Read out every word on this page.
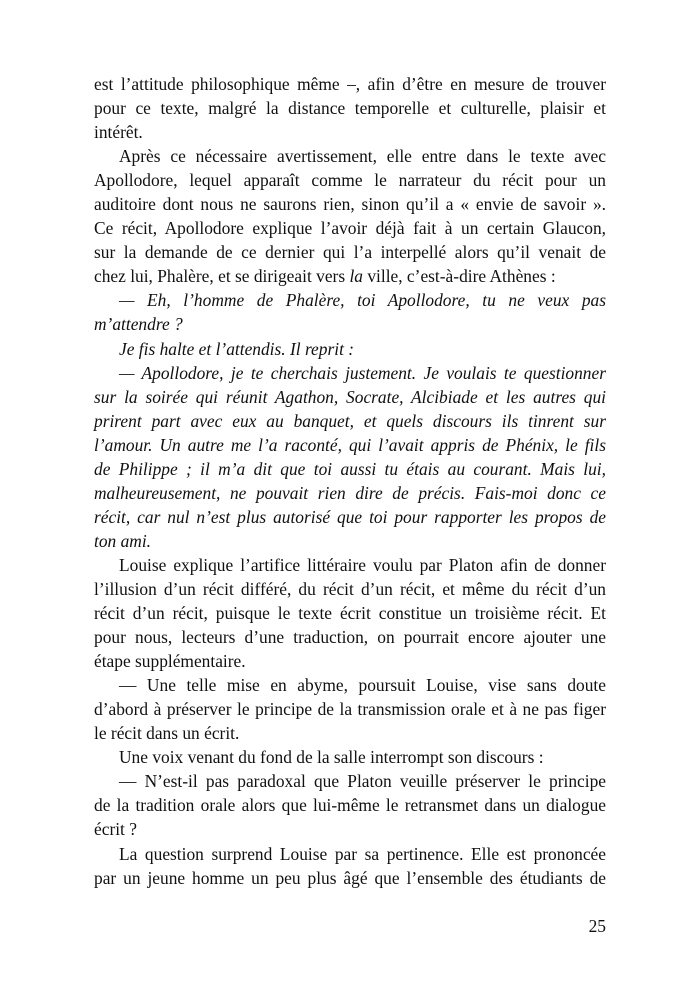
est l’attitude philosophique même –, afin d’être en mesure de trouver
pour ce texte, malgré la distance temporelle et culturelle, plaisir et
intérêt.
Après ce nécessaire avertissement, elle entre dans le texte avec
Apollodore, lequel apparaît comme le narrateur du récit pour un
auditoire dont nous ne saurons rien, sinon qu’il a « envie de savoir ».
Ce récit, Apollodore explique l’avoir déjà fait à un certain Glaucon,
sur la demande de ce dernier qui l’a interpellé alors qu’il venait de
chez lui, Phalère, et se dirigeait vers la ville, c’est-à-dire Athènes :
— Eh, l’homme de Phalère, toi Apollodore, tu ne veux pas
m’attendre ?
Je fis halte et l’attendis. Il reprit :
— Apollodore, je te cherchais justement. Je voulais te questionner
sur la soirée qui réunit Agathon, Socrate, Alcibiade et les autres qui
prirent part avec eux au banquet, et quels discours ils tinrent sur
l’amour. Un autre me l’a raconté, qui l’avait appris de Phénix, le fils
de Philippe ; il m’a dit que toi aussi tu étais au courant. Mais lui,
malheureusement, ne pouvait rien dire de précis. Fais-moi donc ce
récit, car nul n’est plus autorisé que toi pour rapporter les propos de
ton ami.
Louise explique l’artifice littéraire voulu par Platon afin de donner
l’illusion d’un récit différé, du récit d’un récit, et même du récit d’un
récit d’un récit, puisque le texte écrit constitue un troisième récit. Et
pour nous, lecteurs d’une traduction, on pourrait encore ajouter une
étape supplémentaire.
— Une telle mise en abyme, poursuit Louise, vise sans doute
d’abord à préserver le principe de la transmission orale et à ne pas figer
le récit dans un écrit.
Une voix venant du fond de la salle interrompt son discours :
— N’est-il pas paradoxal que Platon veuille préserver le principe
de la tradition orale alors que lui-même le retransmet dans un dialogue
écrit ?
La question surprend Louise par sa pertinence. Elle est prononcée
par un jeune homme un peu plus âgé que l’ensemble des étudiants de
25
